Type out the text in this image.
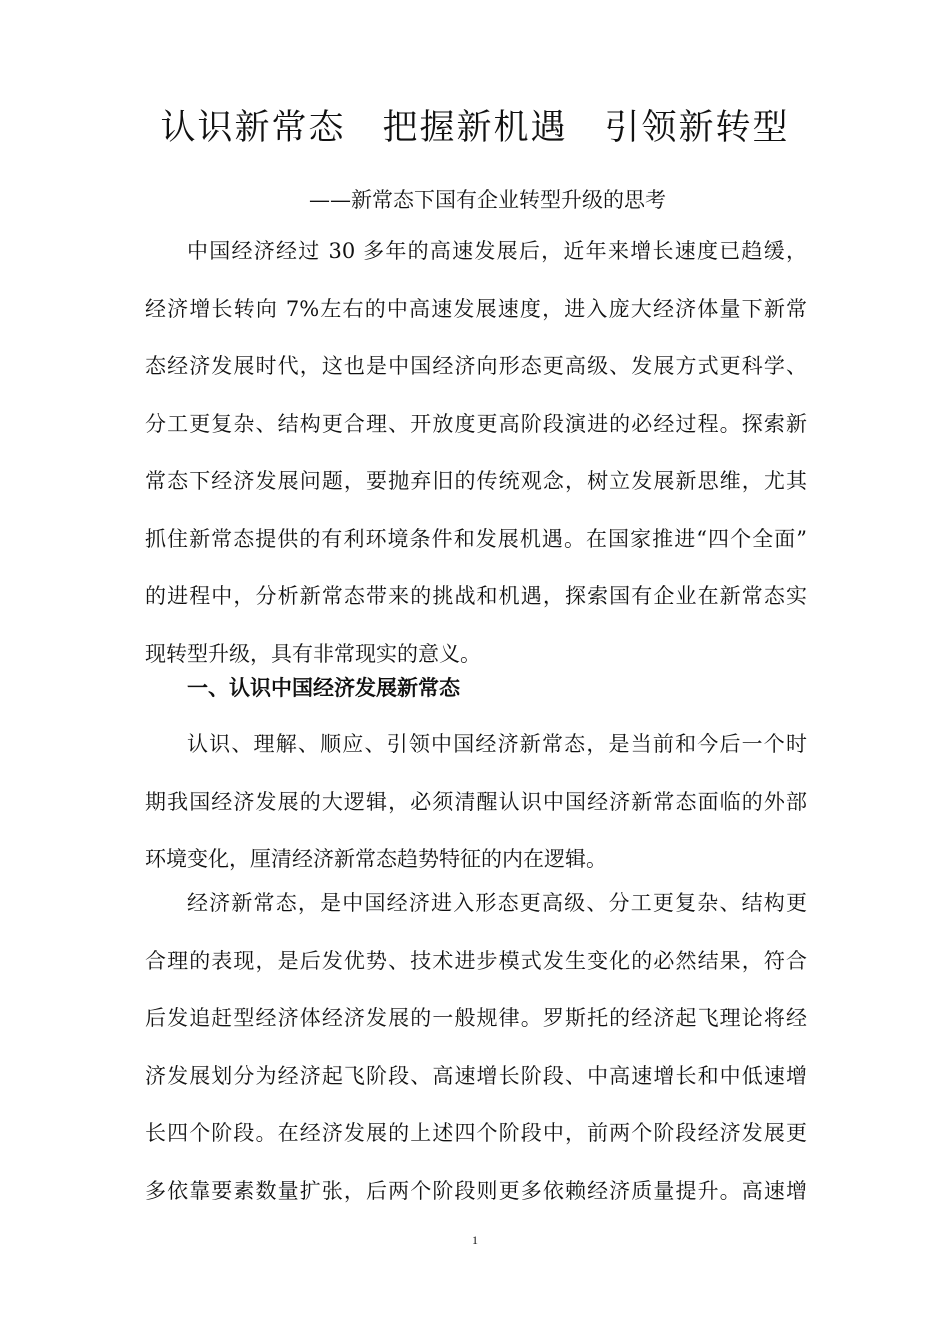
认识新常态　把握新机遇　引领新转型
——新常态下国有企业转型升级的思考
中国经济经过 30 多年的高速发展后，近年来增长速度已趋缓，
经济增长转向 7%左右的中高速发展速度，进入庞大经济体量下新常
态经济发展时代，这也是中国经济向形态更高级、发展方式更科学、
分工更复杂、结构更合理、开放度更高阶段演进的必经过程。探索新
常态下经济发展问题，要抛弃旧的传统观念，树立发展新思维，尤其
抓住新常态提供的有利环境条件和发展机遇。在国家推进“四个全面”
的进程中，分析新常态带来的挑战和机遇，探索国有企业在新常态实
现转型升级，具有非常现实的意义。
一、认识中国经济发展新常态
认识、理解、顺应、引领中国经济新常态，是当前和今后一个时
期我国经济发展的大逻辑，必须清醒认识中国经济新常态面临的外部
环境变化，厘清经济新常态趋势特征的内在逻辑。
经济新常态，是中国经济进入形态更高级、分工更复杂、结构更
合理的表现，是后发优势、技术进步模式发生变化的必然结果，符合
后发追赶型经济体经济发展的一般规律。罗斯托的经济起飞理论将经
济发展划分为经济起飞阶段、高速增长阶段、中高速增长和中低速增
长四个阶段。在经济发展的上述四个阶段中，前两个阶段经济发展更
多依靠要素数量扩张，后两个阶段则更多依赖经济质量提升。高速增
1
